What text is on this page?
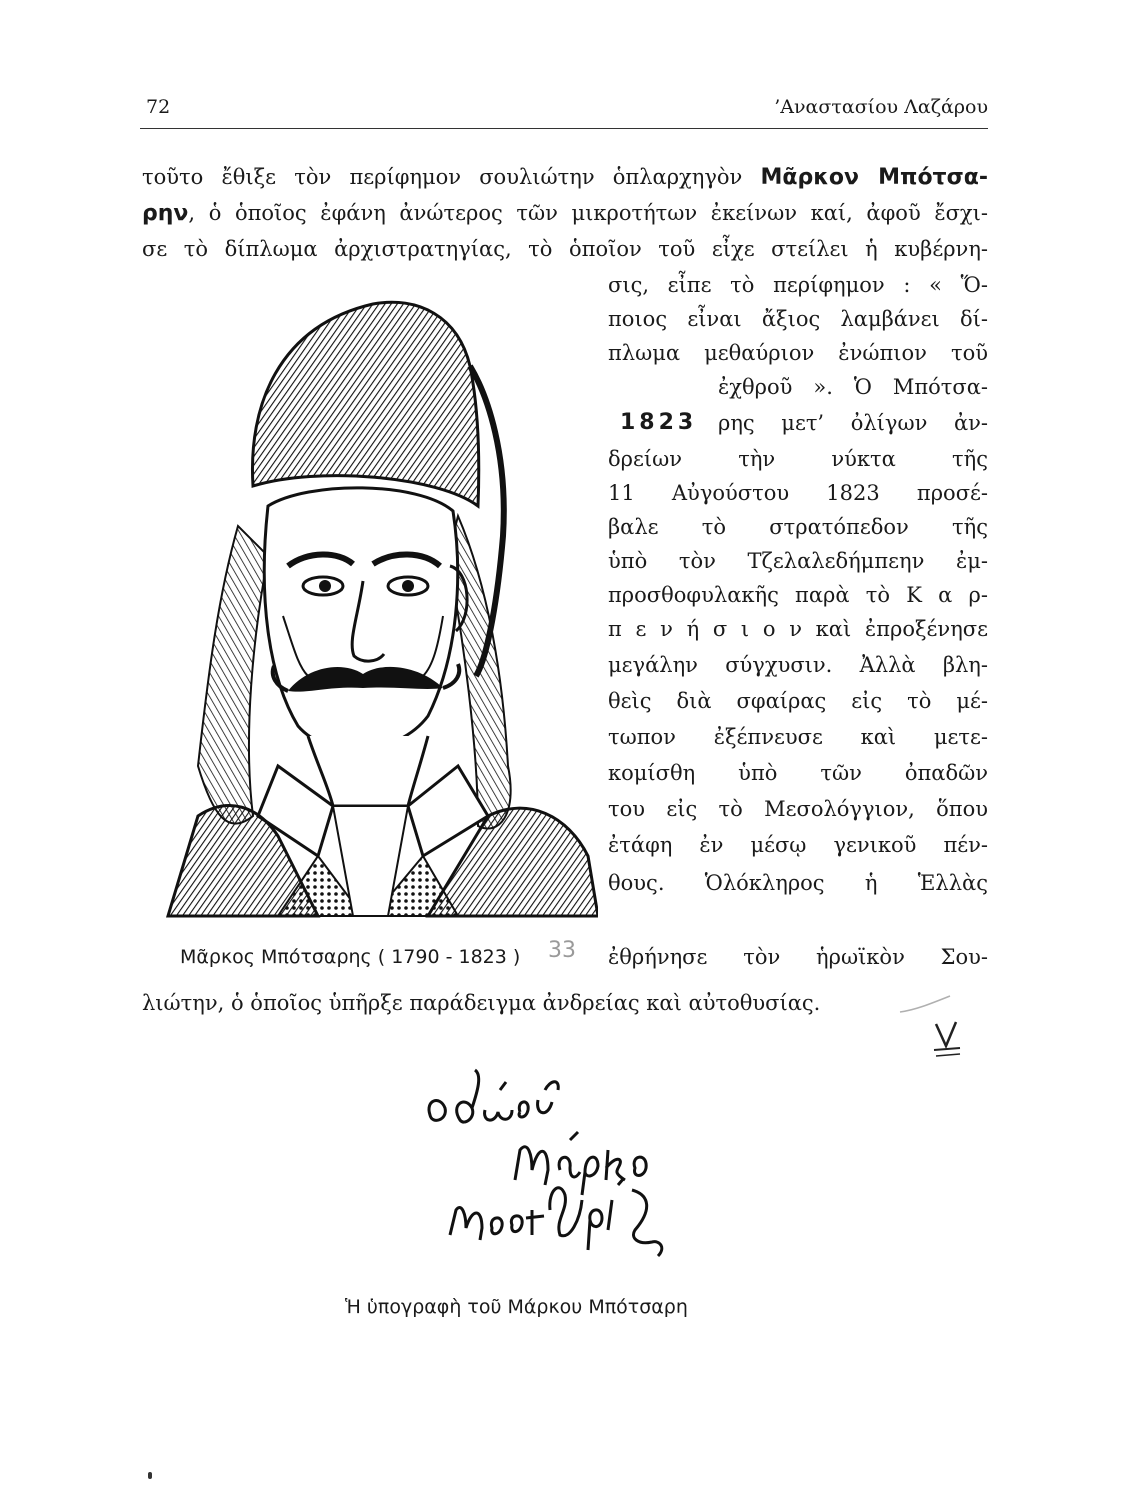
72	’Αναστασίου Λαζάρου
τοῦτο ἔθιξε τὸν περίφημον σουλιώτην ὁπλαρχηγὸν Μᾶρκον Μπότσα-
ρην, ὁ ὁποῖος ἐφάνη ἀνώτερος τῶν μικροτήτων ἐκείνων καί, ἀφοῦ ἔσχι-
σε τὸ δίπλωμα ἀρχιστρατηγίας, τὸ ὁποῖον τοῦ εἶχε στείλει ἡ κυβέρνη-
σις, εἶπε τὸ περίφημον : « Ὅ-
ποιος εἶναι ἄξιος λαμβάνει δί-
πλωμα μεθαύριον ἐνώπιον τοῦ
ἐχθροῦ ». Ὁ Μπότσα-
1823 ρης μετ’ ὀλίγων ἀν-
δρείων τὴν νύκτα τῆς
11 Αὐγούστου 1823 προσέ-
βαλε τὸ στρατόπεδον τῆς
ὑπὸ τὸν Τζελαλεδήμπεην ἐμ-
προσθοφυλακῆς παρὰ τὸ Κ α ρ-
π ε ν ή σ ι ο ν καὶ ἐπροξένησε
μεγάλην σύγχυσιν. Ἀλλὰ βλη-
θεὶς διὰ σφαίρας εἰς τὸ μέ-
τωπον ἐξέπνευσε καὶ μετε-
κομίσθη ὑπὸ τῶν ὀπαδῶν
του εἰς τὸ Μεσολόγγιον, ὅπου
ἐτάφη ἐν μέσῳ γενικοῦ πέν-
θους. Ὁλόκληρος ἡ Ἑλλὰς
Μᾶρκος Μπότσαρης ( 1790 - 1823 ) 33 ἐθρήνησε τὸν ἡρωϊκὸν Σου-
λιώτην, ὁ ὁποῖος ὑπῆρξε παράδειγμα ἀνδρείας καὶ αὐτοθυσίας.
Ἡ ὑπογραφὴ τοῦ Μάρκου Μπότσαρη
